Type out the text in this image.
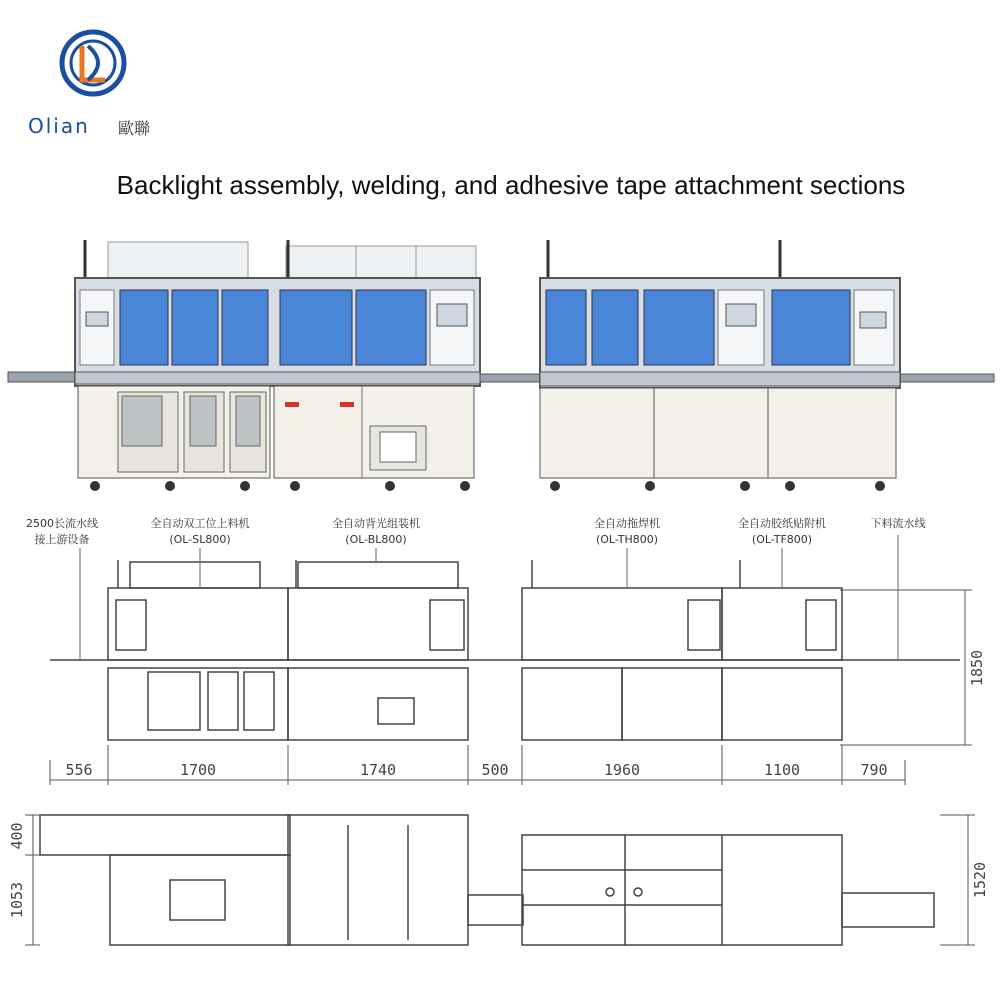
Olian 歐聯
Backlight assembly, welding, and adhesive tape attachment sections
2500长流水线
接上游设备
全自动双工位上料机
(OL-SL800)
全自动背光组装机
(OL-BL800)
全自动拖焊机
(OL-TH800)
全自动胶纸贴附机
(OL-TF800)
下料流水线
556	1700	1740	500	1960	1100	790
1850
400
1053
1520
